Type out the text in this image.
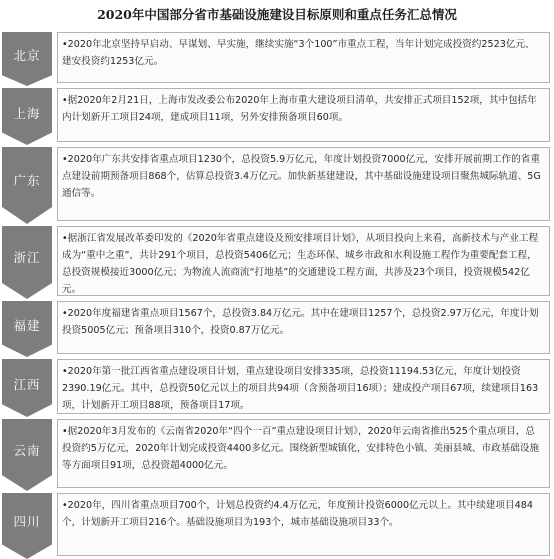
2020年中国部分省市基础设施建设目标原则和重点任务汇总情况
北京
•2020年北京坚持早启动、早谋划、早实施，继续实施“3个100”市重点工程，当年计划完成投资约2523亿元、建安投资约1253亿元。
上海
•据2020年2月21日，上海市发改委公布2020年上海市重大建设项目清单，共安排正式项目152项，其中包括年内计划新开工项目24项，建成项目11项，另外安排预备项目60项。
广东
•2020年广东共安排省重点项目1230个，总投资5.9万亿元，年度计划投资7000亿元，安排开展前期工作的省重点建设前期预备项目868个，估算总投资3.4万亿元。加快新基建建设，其中基础设施建设项目聚焦城际轨道、5G通信等。
浙江
•据浙江省发展改革委印发的《2020年省重点建设及预安排项目计划》，从项目投向上来看，高新技术与产业工程成为“重中之重”，共计291个项目，总投资5406亿元；生态环保、城乡市政和水利设施工程作为重要配套工程，总投资规模接近3000亿元；为物流人流商流“打地基”的交通建设工程方面，共涉及23个项目，投资规模542亿元。
福建
•2020年度福建省重点项目1567个，总投资3.84万亿元。其中在建项目1257个，总投资2.97万亿元，年度计划投资5005亿元；预备项目310个，投资0.87万亿元。
江西
•2020年第一批江西省重点建设项目计划，重点建设项目安排335项，总投资11194.53亿元，年度计划投资2390.19亿元。其中，总投资50亿元以上的项目共94项（含预备项目16项）；建成投产项目67项，续建项目163项，计划新开工项目88项，预备项目17项。
云南
•据2020年3月发布的《云南省2020年“四个一百”重点建设项目计划》，2020年云南省推出525个重点项目，总投资约5万亿元，2020年计划完成投资4400多亿元。围绕新型城镇化，安排特色小镇、美丽县城、市政基础设施等方面项目91项，总投资超4000亿元。
四川
•2020年，四川省重点项目700个，计划总投资约4.4万亿元，年度预计投资6000亿元以上。其中续建项目484个，计划新开工项目216个。基础设施项目为193个，城市基础设施项目33个。
